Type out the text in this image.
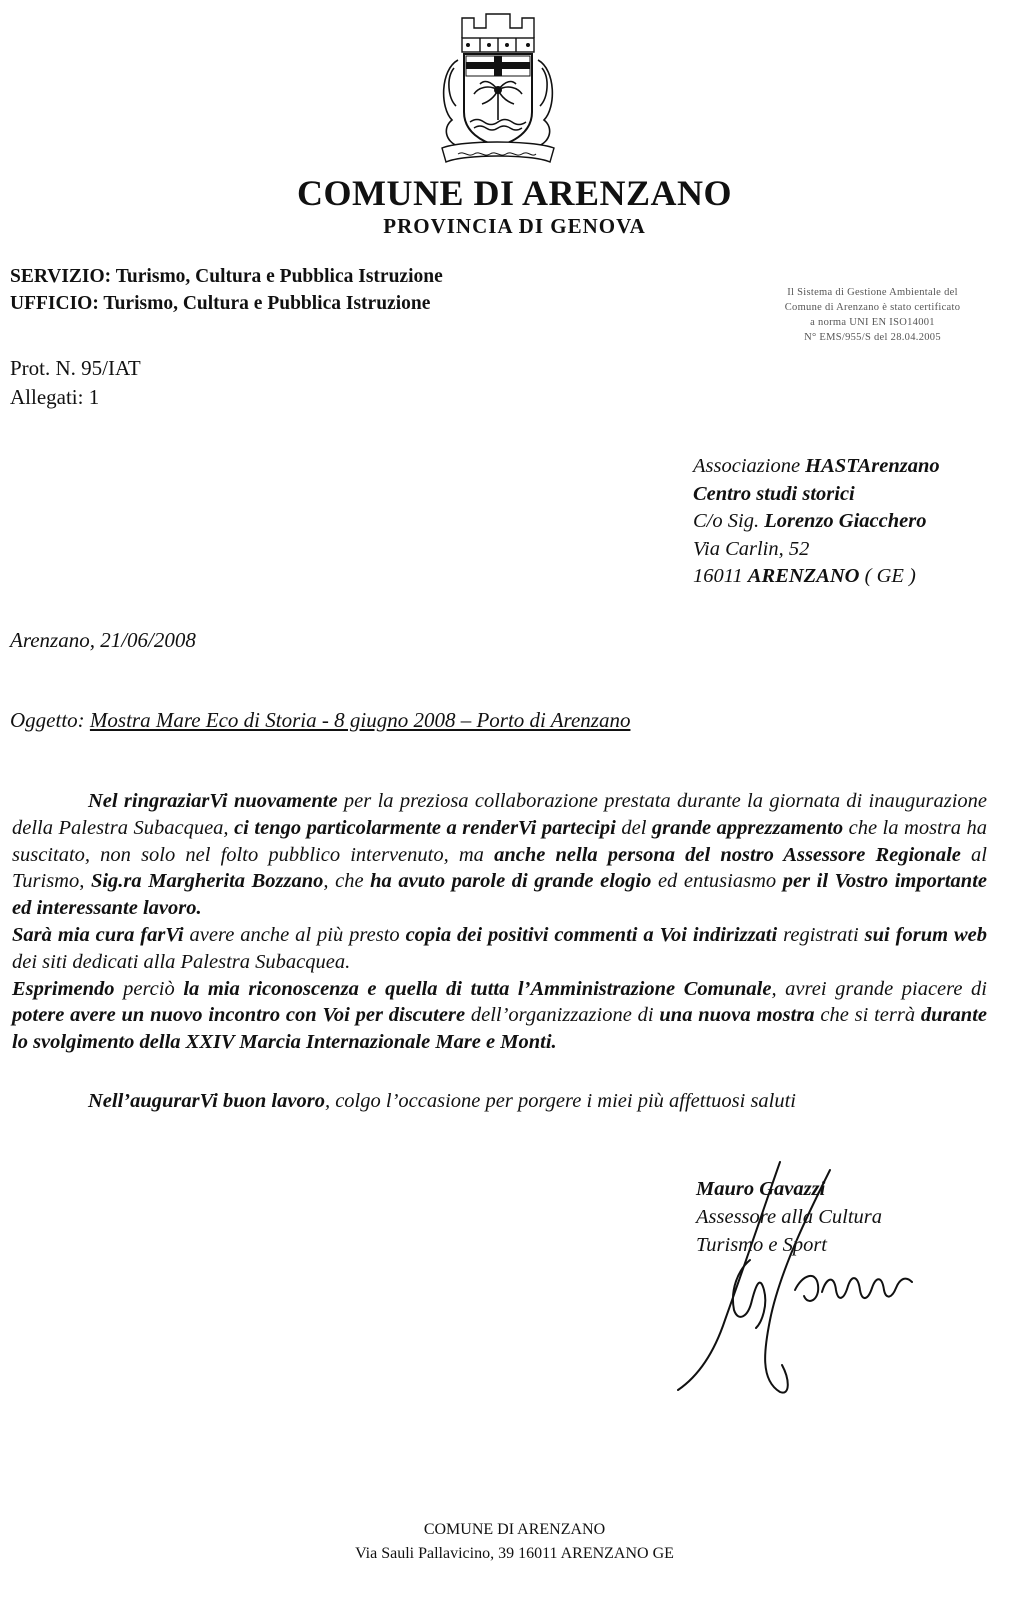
COMUNE DI ARENZANO
PROVINCIA DI GENOVA
SERVIZIO: Turismo, Cultura e Pubblica Istruzione
UFFICIO: Turismo, Cultura e Pubblica Istruzione
Il Sistema di Gestione Ambientale del
Comune di Arenzano è stato certificato
a norma UNI EN ISO14001
N° EMS/955/S del 28.04.2005
Prot. N. 95/IAT
Allegati: 1
Associazione HASTArenzano
Centro studi storici
C/o Sig. Lorenzo Giacchero
Via Carlin, 52
16011 ARENZANO ( GE )
Arenzano, 21/06/2008
Oggetto: Mostra Mare Eco di Storia - 8 giugno 2008 – Porto di Arenzano

Nel ringraziarVi nuovamente per la preziosa collaborazione prestata durante la giornata di inaugurazione della Palestra Subacquea, ci tengo particolarmente a renderVi partecipi del grande apprezzamento che la mostra ha suscitato, non solo nel folto pubblico intervenuto, ma anche nella persona del nostro Assessore Regionale al Turismo, Sig.ra Margherita Bozzano, che ha avuto parole di grande elogio ed entusiasmo per il Vostro importante ed interessante lavoro.

Sarà mia cura farVi avere anche al più presto copia dei positivi commenti a Voi indirizzati registrati sui forum web dei siti dedicati alla Palestra Subacquea.

Esprimendo perciò la mia riconoscenza e quella di tutta l’Amministrazione Comunale, avrei grande piacere di potere avere un nuovo incontro con Voi per discutere dell’organizzazione di una nuova mostra che si terrà durante lo svolgimento della XXIV Marcia Internazionale Mare e Monti.

Nell’augurarVi buon lavoro, colgo l’occasione per porgere i miei più affettuosi saluti
Mauro Gavazzi
Assessore alla Cultura
Turismo e Sport
COMUNE DI ARENZANO
Via Sauli Pallavicino, 39 16011 ARENZANO GE
